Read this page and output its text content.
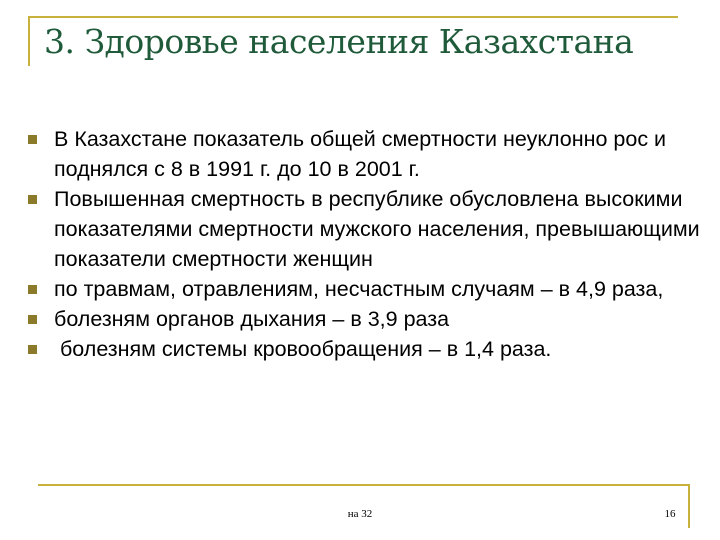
3. Здоровье населения Казахстана
В Казахстане показатель общей смертности неуклонно рос и поднялся с 8 в 1991 г. до 10 в 2001 г.
Повышенная смертность в республике обусловлена высокими показателями смертности мужского населения, превышающими показатели смертности женщин
по травмам, отравлениям, несчастным случаям – в 4,9 раза,
болезням органов дыхания – в 3,9 раза
болезням системы кровообращения – в 1,4 раза.
на 32	16
